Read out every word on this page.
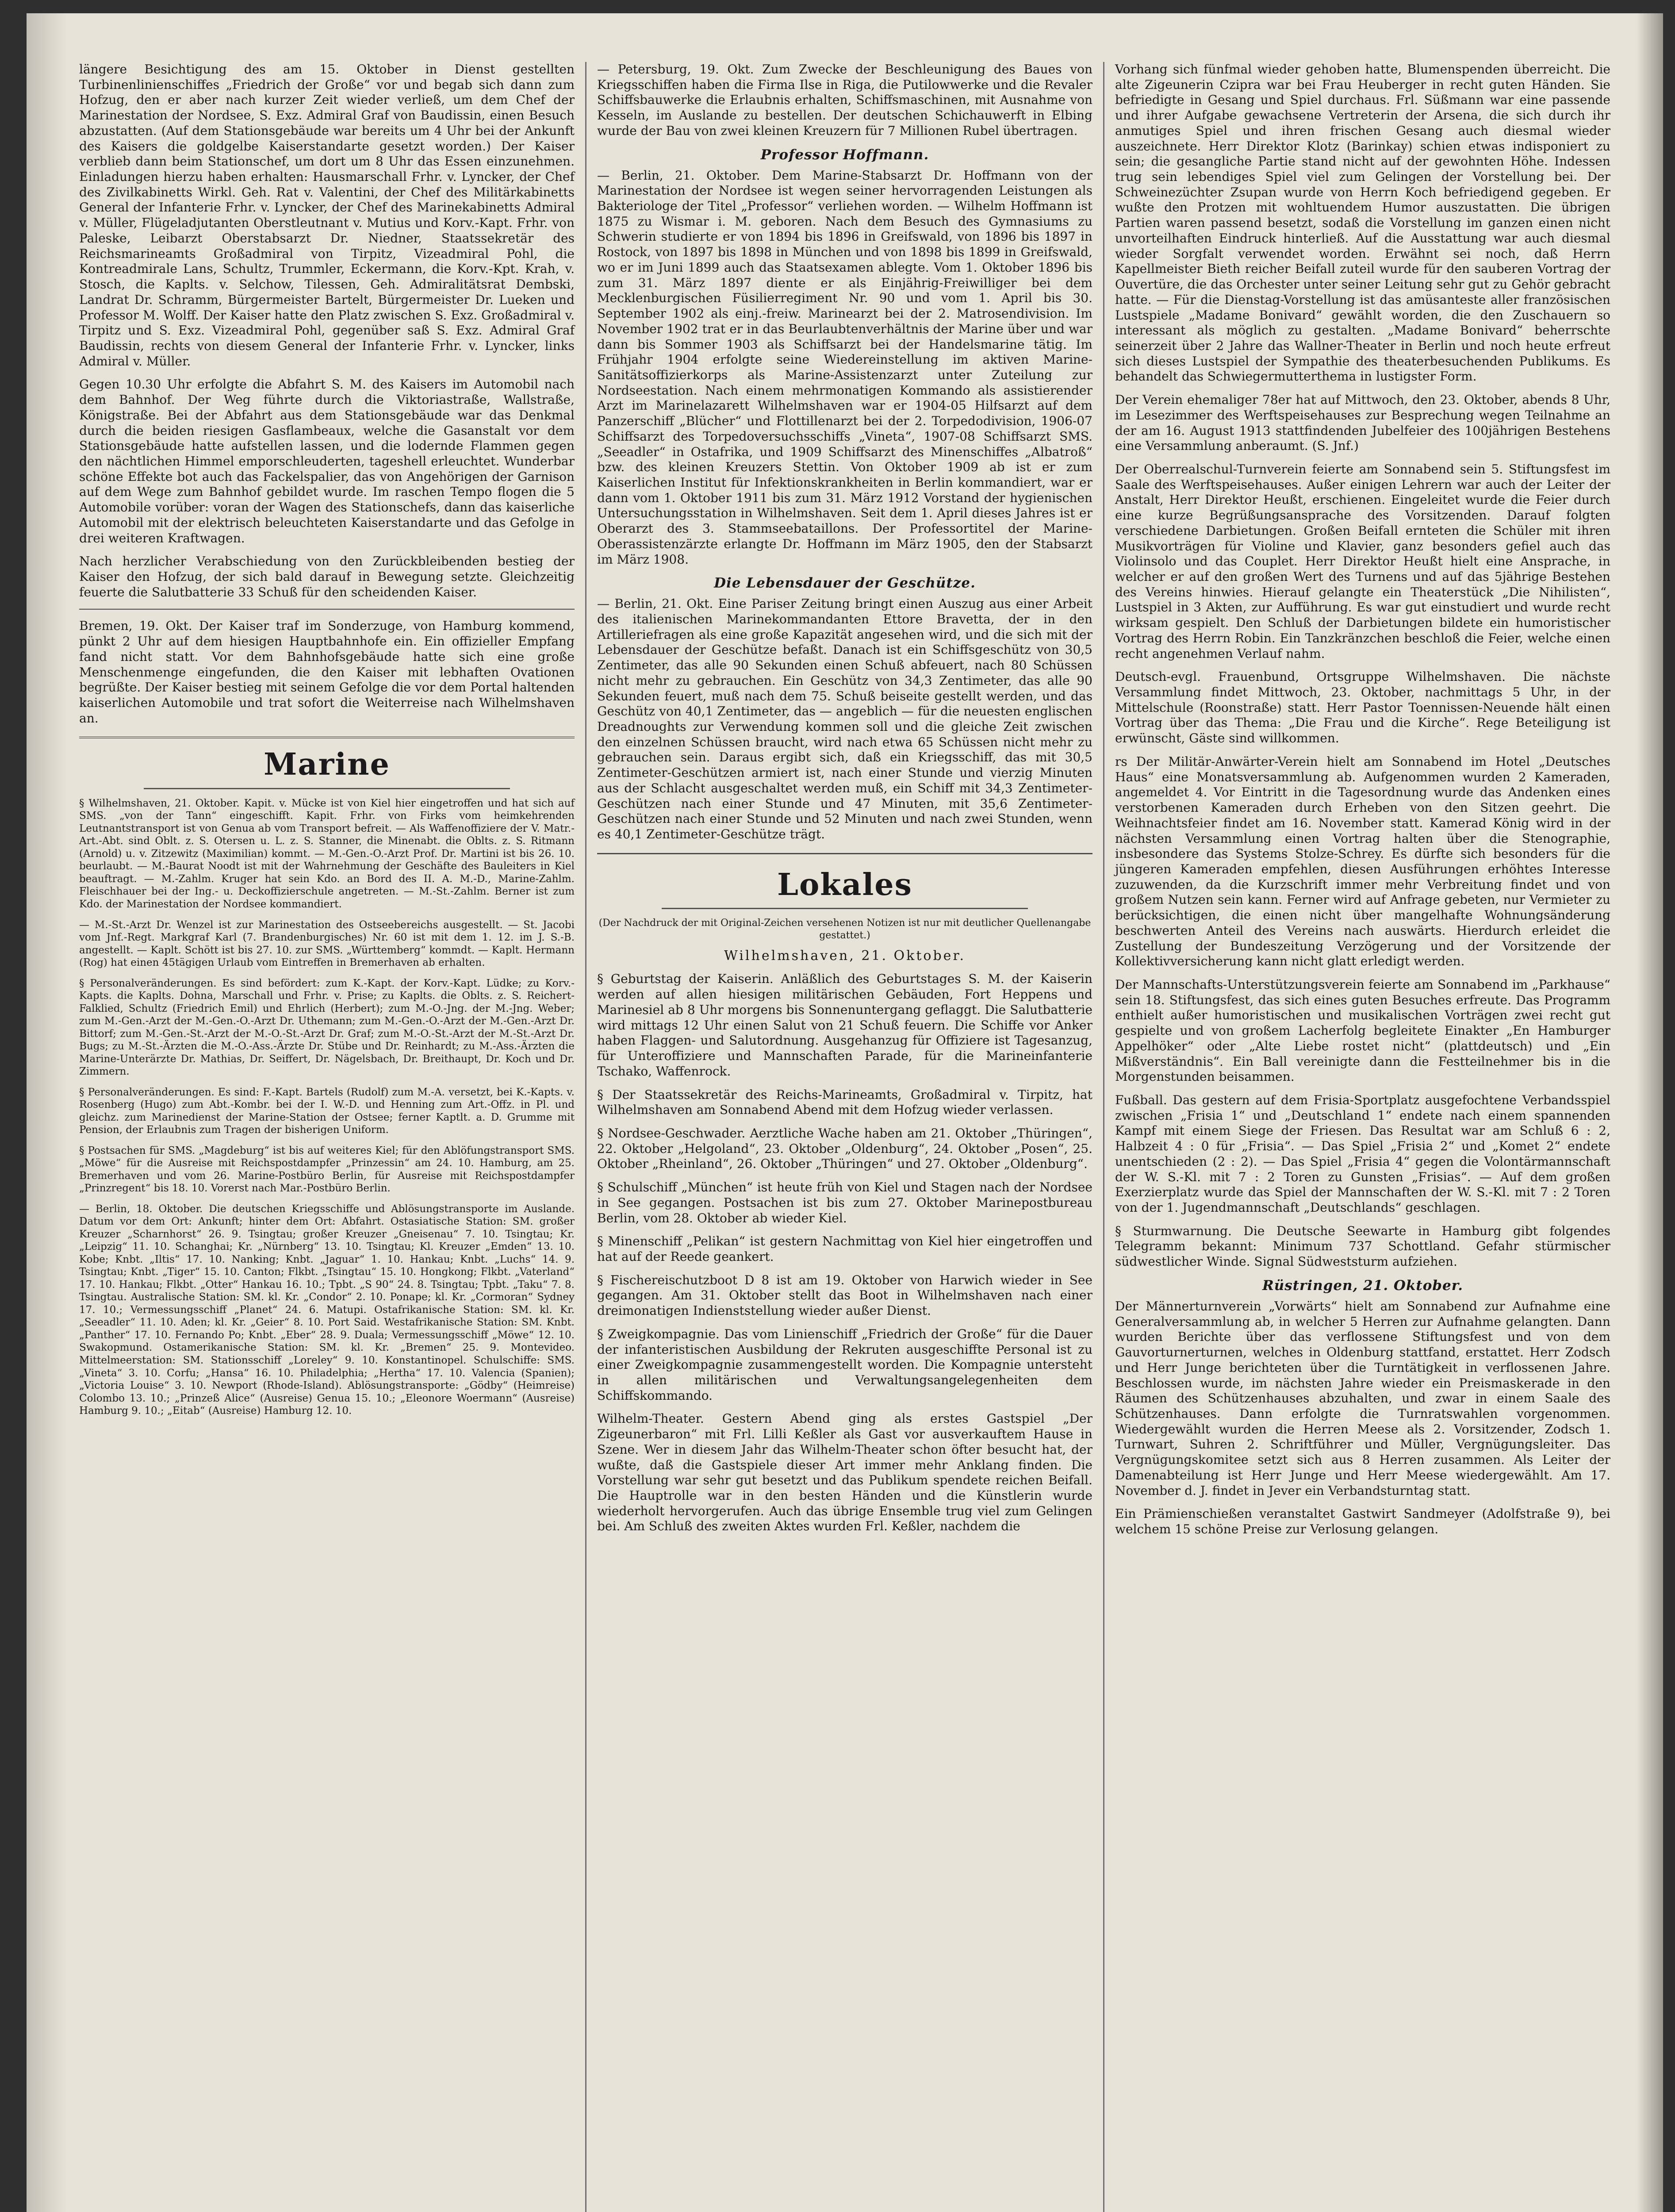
längere Besichtigung des am 15. Oktober in Dienst gestellten Turbinenlinienschiffes „Friedrich der Große“ vor und begab sich dann zum Hofzug, den er aber nach kurzer Zeit wieder verließ, um dem Chef der Marinestation der Nordsee, S. Exz. Admiral Graf von Baudissin, einen Besuch abzustatten. (Auf dem Stationsgebäude war bereits um 4 Uhr bei der Ankunft des Kaisers die goldgelbe Kaiserstandarte gesetzt worden.) Der Kaiser verblieb dann beim Stationschef, um dort um 8 Uhr das Essen einzunehmen. Einladungen hierzu haben erhalten: Hausmarschall Frhr. v. Lyncker, der Chef des Zivilkabinetts Wirkl. Geh. Rat v. Valentini, der Chef des Militärkabinetts General der Infanterie Frhr. v. Lyncker, der Chef des Marinekabinetts Admiral v. Müller, Flügeladjutanten Oberstleutnant v. Mutius und Korv.-Kapt. Frhr. von Paleske, Leibarzt Oberstabsarzt Dr. Niedner, Staatssekretär des Reichsmarineamts Großadmiral von Tirpitz, Vizeadmiral Pohl, die Kontreadmirale Lans, Schultz, Trummler, Eckermann, die Korv.-Kpt. Krah, v. Stosch, die Kaplts. v. Selchow, Tilessen, Geh. Admiralitätsrat Dembski, Landrat Dr. Schramm, Bürgermeister Bartelt, Bürgermeister Dr. Lueken und Professor M. Wolff. Der Kaiser hatte den Platz zwischen S. Exz. Großadmiral v. Tirpitz und S. Exz. Vizeadmiral Pohl, gegenüber saß S. Exz. Admiral Graf Baudissin, rechts von diesem General der Infanterie Frhr. v. Lyncker, links Admiral v. Müller.

Gegen 10.30 Uhr erfolgte die Abfahrt S. M. des Kaisers im Automobil nach dem Bahnhof. Der Weg führte durch die Viktoriastraße, Wallstraße, Königstraße. Bei der Abfahrt aus dem Stationsgebäude war das Denkmal durch die beiden riesigen Gasflambeaux, welche die Gasanstalt vor dem Stationsgebäude hatte aufstellen lassen, und die lodernde Flammen gegen den nächtlichen Himmel emporschleuderten, tageshell erleuchtet. Wunderbar schöne Effekte bot auch das Fackelspalier, das von Angehörigen der Garnison auf dem Wege zum Bahnhof gebildet wurde. Im raschen Tempo flogen die 5 Automobile vorüber: voran der Wagen des Stationschefs, dann das kaiserliche Automobil mit der elektrisch beleuchteten Kaiserstandarte und das Gefolge in drei weiteren Kraftwagen.

Nach herzlicher Verabschiedung von den Zurückbleibenden bestieg der Kaiser den Hofzug, der sich bald darauf in Bewegung setzte. Gleichzeitig feuerte die Salutbatterie 33 Schuß für den scheidenden Kaiser.

Bremen, 19. Okt. Der Kaiser traf im Sonderzuge, von Hamburg kommend, pünkt 2 Uhr auf dem hiesigen Hauptbahnhofe ein. Ein offizieller Empfang fand nicht statt. Vor dem Bahnhofsgebäude hatte sich eine große Menschenmenge eingefunden, die den Kaiser mit lebhaften Ovationen begrüßte. Der Kaiser bestieg mit seinem Gefolge die vor dem Portal haltenden kaiserlichen Automobile und trat sofort die Weiterreise nach Wilhelmshaven an.

Marine

§ Wilhelmshaven, 21. Oktober. Kapit. v. Mücke ist von Kiel hier eingetroffen und hat sich auf SMS. „von der Tann“ eingeschifft. Kapit. Frhr. von Firks vom heimkehrenden Leutnantstransport ist von Genua ab vom Transport befreit. — Als Waffenoffiziere der V. Matr.-Art.-Abt. sind Oblt. z. S. Otersen u. L. z. S. Stanner, die Minenabt. die Oblts. z. S. Ritmann (Arnold) u. v. Zitzewitz (Maximilian) kommt. — M.-Gen.-O.-Arzt Prof. Dr. Martini ist bis 26. 10. beurlaubt. — M.-Baurat Noodt ist mit der Wahrnehmung der Geschäfte des Bauleiters in Kiel beauftragt. — M.-Zahlm. Kruger hat sein Kdo. an Bord des II. A. M.-D., Marine-Zahlm. Fleischhauer bei der Ing.- u. Deckoffizierschule angetreten. — M.-St.-Zahlm. Berner ist zum Kdo. der Marinestation der Nordsee kommandiert.

— M.-St.-Arzt Dr. Wenzel ist zur Marinestation des Ostseebereichs ausgestellt. — St. Jacobi vom Jnf.-Regt. Markgraf Karl (7. Brandenburgisches) Nr. 60 ist mit dem 1. 12. im J. S.-B. angestellt. — Kaplt. Schött ist bis 27. 10. zur SMS. „Württemberg“ kommdt. — Kaplt. Hermann (Rog) hat einen 45tägigen Urlaub vom Eintreffen in Bremerhaven ab erhalten.

§ Personalveränderungen. Es sind befördert: zum K.-Kapt. der Korv.-Kapt. Lüdke; zu Korv.-Kapts. die Kaplts. Dohna, Marschall und Frhr. v. Prise; zu Kaplts. die Oblts. z. S. Reichert-Falklied, Schultz (Friedrich Emil) und Ehrlich (Herbert); zum M.-O.-Jng. der M.-Jng. Weber; zum M.-Gen.-Arzt der M.-Gen.-O.-Arzt Dr. Uthemann; zum M.-Gen.-O.-Arzt der M.-Gen.-Arzt Dr. Bittorf; zum M.-Gen.-St.-Arzt der M.-O.-St.-Arzt Dr. Graf; zum M.-O.-St.-Arzt der M.-St.-Arzt Dr. Bugs; zu M.-St.-Ärzten die M.-O.-Ass.-Ärzte Dr. Stübe und Dr. Reinhardt; zu M.-Ass.-Ärzten die Marine-Unterärzte Dr. Mathias, Dr. Seiffert, Dr. Nägelsbach, Dr. Breithaupt, Dr. Koch und Dr. Zimmern.

§ Personalveränderungen. Es sind: F.-Kapt. Bartels (Rudolf) zum M.-A. versetzt, bei K.-Kapts. v. Rosenberg (Hugo) zum Abt.-Kombr. bei der I. W.-D. und Henning zum Art.-Offz. in Pl. und gleichz. zum Marinedienst der Marine-Station der Ostsee; ferner Kaptlt. a. D. Grumme mit Pension, der Erlaubnis zum Tragen der bisherigen Uniform.

§ Postsachen für SMS. „Magdeburg“ ist bis auf weiteres Kiel; für den Ablöfungstransport SMS. „Möwe“ für die Ausreise mit Reichspostdampfer „Prinzessin“ am 24. 10. Hamburg, am 25. Bremerhaven und vom 26. Marine-Postbüro Berlin, für Ausreise mit Reichspostdampfer „Prinzregent“ bis 18. 10. Vorerst nach Mar.-Postbüro Berlin.

— Berlin, 18. Oktober. Die deutschen Kriegsschiffe und Ablösungstransporte im Auslande. Datum vor dem Ort: Ankunft; hinter dem Ort: Abfahrt. Ostasiatische Station: SM. großer Kreuzer „Scharnhorst“ 26. 9. Tsingtau; großer Kreuzer „Gneisenau“ 7. 10. Tsingtau; Kr. „Leipzig“ 11. 10. Schanghai; Kr. „Nürnberg“ 13. 10. Tsingtau; Kl. Kreuzer „Emden“ 13. 10. Kobe; Knbt. „Iltis“ 17. 10. Nanking; Knbt. „Jaguar“ 1. 10. Hankau; Knbt. „Luchs“ 14. 9. Tsingtau; Knbt. „Tiger“ 15. 10. Canton; Flkbt. „Tsingtau“ 15. 10. Hongkong; Flkbt. „Vaterland“ 17. 10. Hankau; Flkbt. „Otter“ Hankau 16. 10.; Tpbt. „S 90“ 24. 8. Tsingtau; Tpbt. „Taku“ 7. 8. Tsingtau. Australische Station: SM. kl. Kr. „Condor“ 2. 10. Ponape; kl. Kr. „Cormoran“ Sydney 17. 10.; Vermessungsschiff „Planet“ 24. 6. Matupi. Ostafrikanische Station: SM. kl. Kr. „Seeadler“ 11. 10. Aden; kl. Kr. „Geier“ 8. 10. Port Said. Westafrikanische Station: SM. Knbt. „Panther“ 17. 10. Fernando Po; Knbt. „Eber“ 28. 9. Duala; Vermessungsschiff „Möwe“ 12. 10. Swakopmund. Ostamerikanische Station: SM. kl. Kr. „Bremen“ 25. 9. Montevideo. Mittelmeerstation: SM. Stationsschiff „Loreley“ 9. 10. Konstantinopel. Schulschiffe: SMS. „Vineta“ 3. 10. Corfu; „Hansa“ 16. 10. Philadelphia; „Hertha“ 17. 10. Valencia (Spanien); „Victoria Louise“ 3. 10. Newport (Rhode-Island). Ablösungstransporte: „Gödby“ (Heimreise) Colombo 13. 10.; „Prinzeß Alice“ (Ausreise) Genua 15. 10.; „Eleonore Woermann“ (Ausreise) Hamburg 9. 10.; „Eitab“ (Ausreise) Hamburg 12. 10.

— Petersburg, 19. Okt. Zum Zwecke der Beschleunigung des Baues von Kriegsschiffen haben die Firma Ilse in Riga, die Putilowwerke und die Revaler Schiffsbauwerke die Erlaubnis erhalten, Schiffsmaschinen, mit Ausnahme von Kesseln, im Auslande zu bestellen. Der deutschen Schichauwerft in Elbing wurde der Bau von zwei kleinen Kreuzern für 7 Millionen Rubel übertragen.

Professor Hoffmann.

— Berlin, 21. Oktober. Dem Marine-Stabsarzt Dr. Hoffmann von der Marinestation der Nordsee ist wegen seiner hervorragenden Leistungen als Bakteriologe der Titel „Professor“ verliehen worden. — Wilhelm Hoffmann ist 1875 zu Wismar i. M. geboren. Nach dem Besuch des Gymnasiums zu Schwerin studierte er von 1894 bis 1896 in Greifswald, von 1896 bis 1897 in Rostock, von 1897 bis 1898 in München und von 1898 bis 1899 in Greifswald, wo er im Juni 1899 auch das Staatsexamen ablegte. Vom 1. Oktober 1896 bis zum 31. März 1897 diente er als Einjährig-Freiwilliger bei dem Mecklenburgischen Füsilierregiment Nr. 90 und vom 1. April bis 30. September 1902 als einj.-freiw. Marinearzt bei der 2. Matrosendivision. Im November 1902 trat er in das Beurlaubtenverhältnis der Marine über und war dann bis Sommer 1903 als Schiffsarzt bei der Handelsmarine tätig. Im Frühjahr 1904 erfolgte seine Wiedereinstellung im aktiven Marine-Sanitätsoffizierkorps als Marine-Assistenzarzt unter Zuteilung zur Nordseestation. Nach einem mehrmonatigen Kommando als assistierender Arzt im Marinelazarett Wilhelmshaven war er 1904-05 Hilfsarzt auf dem Panzerschiff „Blücher“ und Flottillenarzt bei der 2. Torpedodivision, 1906-07 Schiffsarzt des Torpedoversuchsschiffs „Vineta“, 1907-08 Schiffsarzt SMS. „Seeadler“ in Ostafrika, und 1909 Schiffsarzt des Minenschiffes „Albatroß“ bzw. des kleinen Kreuzers Stettin. Von Oktober 1909 ab ist er zum Kaiserlichen Institut für Infektionskrankheiten in Berlin kommandiert, war er dann vom 1. Oktober 1911 bis zum 31. März 1912 Vorstand der hygienischen Untersuchungsstation in Wilhelmshaven. Seit dem 1. April dieses Jahres ist er Oberarzt des 3. Stammseebataillons. Der Professortitel der Marine-Oberassistenzärzte erlangte Dr. Hoffmann im März 1905, den der Stabsarzt im März 1908.

Die Lebensdauer der Geschütze.

— Berlin, 21. Okt. Eine Pariser Zeitung bringt einen Auszug aus einer Arbeit des italienischen Marinekommandanten Ettore Bravetta, der in den Artilleriefragen als eine große Kapazität angesehen wird, und die sich mit der Lebensdauer der Geschütze befaßt. Danach ist ein Schiffsgeschütz von 30,5 Zentimeter, das alle 90 Sekunden einen Schuß abfeuert, nach 80 Schüssen nicht mehr zu gebrauchen. Ein Geschütz von 34,3 Zentimeter, das alle 90 Sekunden feuert, muß nach dem 75. Schuß beiseite gestellt werden, und das Geschütz von 40,1 Zentimeter, das — angeblich — für die neuesten englischen Dreadnoughts zur Verwendung kommen soll und die gleiche Zeit zwischen den einzelnen Schüssen braucht, wird nach etwa 65 Schüssen nicht mehr zu gebrauchen sein. Daraus ergibt sich, daß ein Kriegsschiff, das mit 30,5 Zentimeter-Geschützen armiert ist, nach einer Stunde und vierzig Minuten aus der Schlacht ausgeschaltet werden muß, ein Schiff mit 34,3 Zentimeter-Geschützen nach einer Stunde und 47 Minuten, mit 35,6 Zentimeter-Geschützen nach einer Stunde und 52 Minuten und nach zwei Stunden, wenn es 40,1 Zentimeter-Geschütze trägt.

Lokales
(Der Nachdruck der mit Original-Zeichen versehenen Notizen ist nur mit deutlicher Quellenangabe gestattet.)
Wilhelmshaven, 21. Oktober.

§ Geburtstag der Kaiserin. Anläßlich des Geburtstages S. M. der Kaiserin werden auf allen hiesigen militärischen Gebäuden, Fort Heppens und Marinesiel ab 8 Uhr morgens bis Sonnenuntergang geflaggt. Die Salutbatterie wird mittags 12 Uhr einen Salut von 21 Schuß feuern. Die Schiffe vor Anker haben Flaggen- und Salutordnung. Ausgehanzug für Offiziere ist Tagesanzug, für Unteroffiziere und Mannschaften Parade, für die Marineinfanterie Tschako, Waffenrock.

§ Der Staatssekretär des Reichs-Marineamts, Großadmiral v. Tirpitz, hat Wilhelmshaven am Sonnabend Abend mit dem Hofzug wieder verlassen.

§ Nordsee-Geschwader. Aerztliche Wache haben am 21. Oktober „Thüringen“, 22. Oktober „Helgoland“, 23. Oktober „Oldenburg“, 24. Oktober „Posen“, 25. Oktober „Rheinland“, 26. Oktober „Thüringen“ und 27. Oktober „Oldenburg“.

§ Schulschiff „München“ ist heute früh von Kiel und Stagen nach der Nordsee in See gegangen. Postsachen ist bis zum 27. Oktober Marinepostbureau Berlin, vom 28. Oktober ab wieder Kiel.

§ Minenschiff „Pelikan“ ist gestern Nachmittag von Kiel hier eingetroffen und hat auf der Reede geankert.

§ Fischereischutzboot D 8 ist am 19. Oktober von Harwich wieder in See gegangen. Am 31. Oktober stellt das Boot in Wilhelmshaven nach einer dreimonatigen Indienststellung wieder außer Dienst.

§ Zweigkompagnie. Das vom Linienschiff „Friedrich der Große“ für die Dauer der infanteristischen Ausbildung der Rekruten ausgeschiffte Personal ist zu einer Zweigkompagnie zusammengestellt worden. Die Kompagnie untersteht in allen militärischen und Verwaltungsangelegenheiten dem Schiffskommando.

Wilhelm-Theater. Gestern Abend ging als erstes Gastspiel „Der Zigeunerbaron“ mit Frl. Lilli Keßler als Gast vor ausverkauftem Hause in Szene. Wer in diesem Jahr das Wilhelm-Theater schon öfter besucht hat, der wußte, daß die Gastspiele dieser Art immer mehr Anklang finden. Die Vorstellung war sehr gut besetzt und das Publikum spendete reichen Beifall. Die Hauptrolle war in den besten Händen und die Künstlerin wurde wiederholt hervorgerufen. Auch das übrige Ensemble trug viel zum Gelingen bei. Am Schluß des zweiten Aktes wurden Frl. Keßler, nachdem die

Vorhang sich fünfmal wieder gehoben hatte, Blumenspenden überreicht. Die alte Zigeunerin Czipra war bei Frau Heuberger in recht guten Händen. Sie befriedigte in Gesang und Spiel durchaus. Frl. Süßmann war eine passende und ihrer Aufgabe gewachsene Vertreterin der Arsena, die sich durch ihr anmutiges Spiel und ihren frischen Gesang auch diesmal wieder auszeichnete. Herr Direktor Klotz (Barinkay) schien etwas indisponiert zu sein; die gesangliche Partie stand nicht auf der gewohnten Höhe. Indessen trug sein lebendiges Spiel viel zum Gelingen der Vorstellung bei. Der Schweinezüchter Zsupan wurde von Herrn Koch befriedigend gegeben. Er wußte den Protzen mit wohltuendem Humor auszustatten. Die übrigen Partien waren passend besetzt, sodaß die Vorstellung im ganzen einen nicht unvorteilhaften Eindruck hinterließ. Auf die Ausstattung war auch diesmal wieder Sorgfalt verwendet worden. Erwähnt sei noch, daß Herrn Kapellmeister Bieth reicher Beifall zuteil wurde für den sauberen Vortrag der Ouvertüre, die das Orchester unter seiner Leitung sehr gut zu Gehör gebracht hatte. — Für die Dienstag-Vorstellung ist das amüsanteste aller französischen Lustspiele „Madame Bonivard“ gewählt worden, die den Zuschauern so interessant als möglich zu gestalten. „Madame Bonivard“ beherrschte seinerzeit über 2 Jahre das Wallner-Theater in Berlin und noch heute erfreut sich dieses Lustspiel der Sympathie des theaterbesuchenden Publikums. Es behandelt das Schwiegermutterthema in lustigster Form.

Der Verein ehemaliger 78er hat auf Mittwoch, den 23. Oktober, abends 8 Uhr, im Lesezimmer des Werftspeisehauses zur Besprechung wegen Teilnahme an der am 16. August 1913 stattfindenden Jubelfeier des 100jährigen Bestehens eine Versammlung anberaumt. (S. Jnf.)

Der Oberrealschul-Turnverein feierte am Sonnabend sein 5. Stiftungsfest im Saale des Werftspeisehauses. Außer einigen Lehrern war auch der Leiter der Anstalt, Herr Direktor Heußt, erschienen. Eingeleitet wurde die Feier durch eine kurze Begrüßungsansprache des Vorsitzenden. Darauf folgten verschiedene Darbietungen. Großen Beifall ernteten die Schüler mit ihren Musikvorträgen für Violine und Klavier, ganz besonders gefiel auch das Violinsolo und das Couplet. Herr Direktor Heußt hielt eine Ansprache, in welcher er auf den großen Wert des Turnens und auf das 5jährige Bestehen des Vereins hinwies. Hierauf gelangte ein Theaterstück „Die Nihilisten“, Lustspiel in 3 Akten, zur Aufführung. Es war gut einstudiert und wurde recht wirksam gespielt. Den Schluß der Darbietungen bildete ein humoristischer Vortrag des Herrn Robin. Ein Tanzkränzchen beschloß die Feier, welche einen recht angenehmen Verlauf nahm.

Deutsch-evgl. Frauenbund, Ortsgruppe Wilhelmshaven. Die nächste Versammlung findet Mittwoch, 23. Oktober, nachmittags 5 Uhr, in der Mittelschule (Roonstraße) statt. Herr Pastor Toennissen-Neuende hält einen Vortrag über das Thema: „Die Frau und die Kirche“. Rege Beteiligung ist erwünscht, Gäste sind willkommen.

rs Der Militär-Anwärter-Verein hielt am Sonnabend im Hotel „Deutsches Haus“ eine Monatsversammlung ab. Aufgenommen wurden 2 Kameraden, angemeldet 4. Vor Eintritt in die Tagesordnung wurde das Andenken eines verstorbenen Kameraden durch Erheben von den Sitzen geehrt. Die Weihnachtsfeier findet am 16. November statt. Kamerad König wird in der nächsten Versammlung einen Vortrag halten über die Stenographie, insbesondere das Systems Stolze-Schrey. Es dürfte sich besonders für die jüngeren Kameraden empfehlen, diesen Ausführungen erhöhtes Interesse zuzuwenden, da die Kurzschrift immer mehr Verbreitung findet und von großem Nutzen sein kann. Ferner wird auf Anfrage gebeten, nur Vermieter zu berücksichtigen, die einen nicht über mangelhafte Wohnungsänderung beschwerten Anteil des Vereins nach auswärts. Hierdurch erleidet die Zustellung der Bundeszeitung Verzögerung und der Vorsitzende der Kollektivversicherung kann nicht glatt erledigt werden.

Der Mannschafts-Unterstützungsverein feierte am Sonnabend im „Parkhause“ sein 18. Stiftungsfest, das sich eines guten Besuches erfreute. Das Programm enthielt außer humoristischen und musikalischen Vorträgen zwei recht gut gespielte und von großem Lacherfolg begleitete Einakter „En Hamburger Appelhöker“ oder „Alte Liebe rostet nicht“ (plattdeutsch) und „Ein Mißverständnis“. Ein Ball vereinigte dann die Festteilnehmer bis in die Morgenstunden beisammen.

Fußball. Das gestern auf dem Frisia-Sportplatz ausgefochtene Verbandsspiel zwischen „Frisia 1“ und „Deutschland 1“ endete nach einem spannenden Kampf mit einem Siege der Friesen. Das Resultat war am Schluß 6 : 2, Halbzeit 4 : 0 für „Frisia“. — Das Spiel „Frisia 2“ und „Komet 2“ endete unentschieden (2 : 2). — Das Spiel „Frisia 4“ gegen die Volontärmannschaft der W. S.-Kl. mit 7 : 2 Toren zu Gunsten „Frisias“. — Auf dem großen Exerzierplatz wurde das Spiel der Mannschaften der W. S.-Kl. mit 7 : 2 Toren von der 1. Jugendmannschaft „Deutschlands“ geschlagen.

§ Sturmwarnung. Die Deutsche Seewarte in Hamburg gibt folgendes Telegramm bekannt: Minimum 737 Schottland. Gefahr stürmischer südwestlicher Winde. Signal Südweststurm aufziehen.

Rüstringen, 21. Oktober.

Der Männerturnverein „Vorwärts“ hielt am Sonnabend zur Aufnahme eine Generalversammlung ab, in welcher 5 Herren zur Aufnahme gelangten. Dann wurden Berichte über das verflossene Stiftungsfest und von dem Gauvorturnerturnen, welches in Oldenburg stattfand, erstattet. Herr Zodsch und Herr Junge berichteten über die Turntätigkeit in verflossenen Jahre. Beschlossen wurde, im nächsten Jahre wieder ein Preismaskerade in den Räumen des Schützenhauses abzuhalten, und zwar in einem Saale des Schützenhauses. Dann erfolgte die Turnratswahlen vorgenommen. Wiedergewählt wurden die Herren Meese als 2. Vorsitzender, Zodsch 1. Turnwart, Suhren 2. Schriftführer und Müller, Vergnügungsleiter. Das Vergnügungskomitee setzt sich aus 8 Herren zusammen. Als Leiter der Damenabteilung ist Herr Junge und Herr Meese wiedergewählt. Am 17. November d. J. findet in Jever ein Verbandsturntag statt.

Ein Prämienschießen veranstaltet Gastwirt Sandmeyer (Adolfstraße 9), bei welchem 15 schöne Preise zur Verlosung gelangen.
